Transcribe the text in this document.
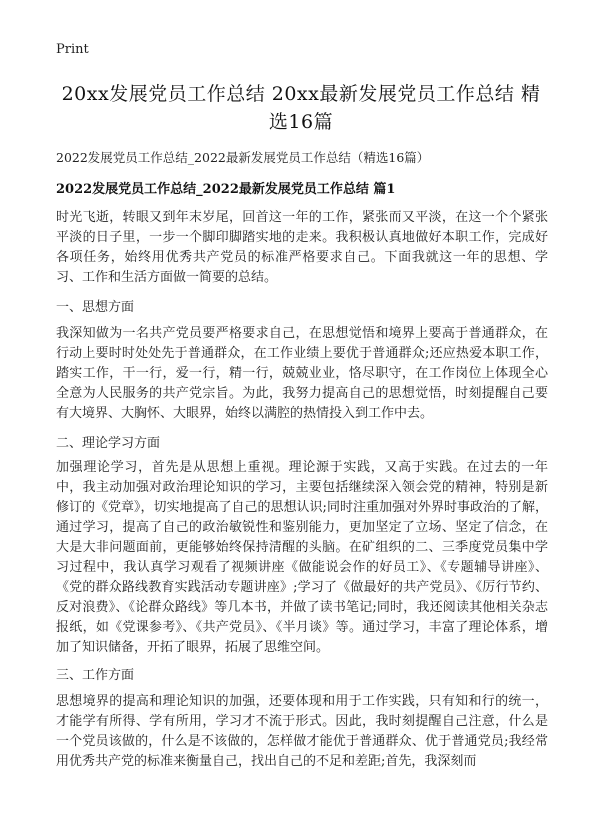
Print
20xx发展党员工作总结 20xx最新发展党员工作总结 精选16篇
2022发展党员工作总结_2022最新发展党员工作总结（精选16篇）
2022发展党员工作总结_2022最新发展党员工作总结 篇1
时光飞逝，转眼又到年末岁尾，回首这一年的工作，紧张而又平淡，在这一个个紧张平淡的日子里，一步一个脚印脚踏实地的走来。我积极认真地做好本职工作，完成好各项任务，始终用优秀共产党员的标准严格要求自己。下面我就这一年的思想、学习、工作和生活方面做一简要的总结。
一、思想方面
我深知做为一名共产党员要严格要求自己，在思想觉悟和境界上要高于普通群众，在行动上要时时处处先于普通群众，在工作业绩上要优于普通群众;还应热爱本职工作，踏实工作，干一行，爱一行，精一行，兢兢业业，恪尽职守，在工作岗位上体现全心全意为人民服务的共产党宗旨。为此，我努力提高自己的思想觉悟，时刻提醒自己要有大境界、大胸怀、大眼界，始终以满腔的热情投入到工作中去。
二、理论学习方面
加强理论学习，首先是从思想上重视。理论源于实践，又高于实践。在过去的一年中，我主动加强对政治理论知识的学习，主要包括继续深入领会党的精神，特别是新修订的《党章》，切实地提高了自己的思想认识;同时注重加强对外界时事政治的了解，通过学习，提高了自己的政治敏锐性和鉴别能力，更加坚定了立场、坚定了信念，在大是大非问题面前，更能够始终保持清醒的头脑。在矿组织的二、三季度党员集中学习过程中，我认真学习观看了视频讲座《做能说会作的好员工》、《专题辅导讲座》、《党的群众路线教育实践活动专题讲座》;学习了《做最好的共产党员》、《厉行节约、反对浪费》、《论群众路线》等几本书，并做了读书笔记;同时，我还阅读其他相关杂志报纸，如《党课参考》、《共产党员》、《半月谈》等。通过学习，丰富了理论体系，增加了知识储备，开拓了眼界，拓展了思维空间。
三、工作方面
思想境界的提高和理论知识的加强，还要体现和用于工作实践，只有知和行的统一，才能学有所得、学有所用，学习才不流于形式。因此，我时刻提醒自己注意，什么是一个党员该做的，什么是不该做的，怎样做才能优于普通群众、优于普通党员;我经常用优秀共产党的标准来衡量自己，找出自己的不足和差距;首先，我深刻而
